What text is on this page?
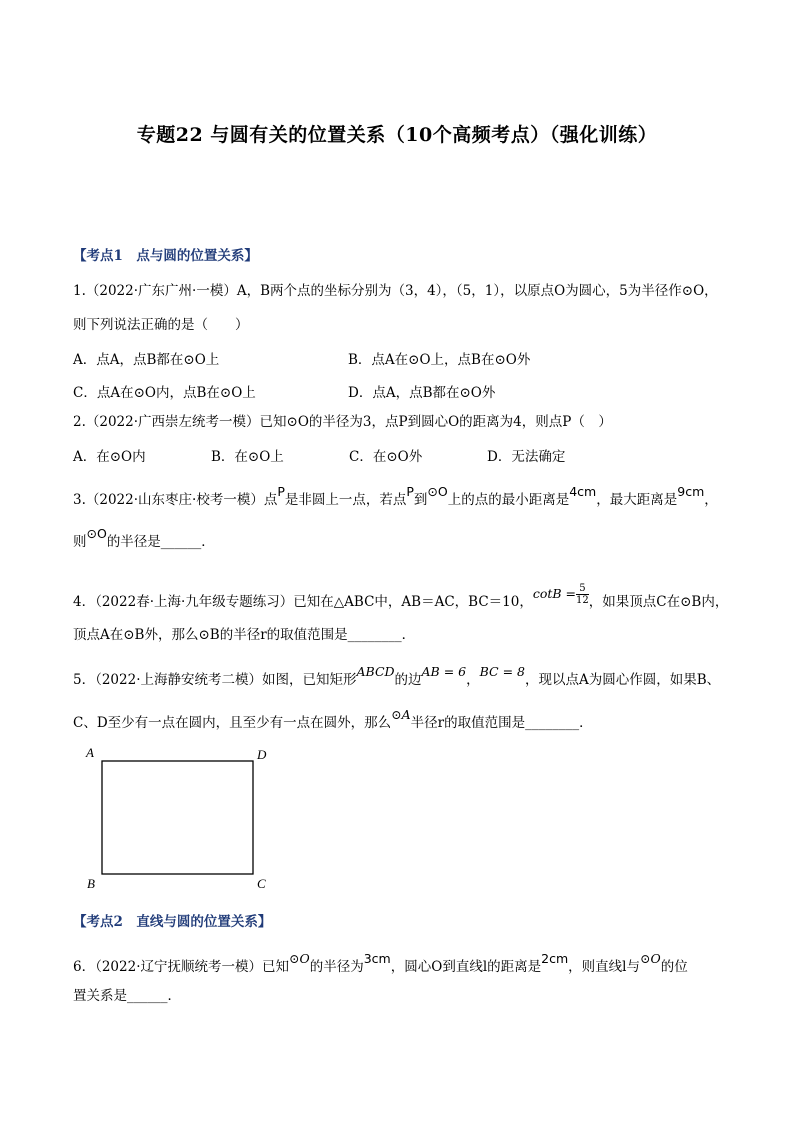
专题22 与圆有关的位置关系（10个高频考点）（强化训练）
【考点1　点与圆的位置关系】
1.（2022·广东广州·一模）A，B两个点的坐标分别为（3，4），（5，1），以原点O为圆心，5为半径作⊙O，
则下列说法正确的是（　　）
A．点A，点B都在⊙O上	B．点A在⊙O上，点B在⊙O外
C．点A在⊙O内，点B在⊙O上	D．点A，点B都在⊙O外
2.（2022·广西崇左统考一模）已知⊙O的半径为3，点P到圆心O的距离为4，则点P（　）
A．在⊙O内	B．在⊙O上	C．在⊙O外	D．无法确定
3.（2022·山东枣庄·校考一模）点P是非圆上一点，若点P到⊙O上的点的最小距离是4cm，最大距离是9cm，
则⊙O的半径是______．
4．（2022春·上海·九年级专题练习）已知在△ABC中，AB＝AC，BC＝10，$\cot B = \frac{5}{12}$ ，如果顶点C在⊙B内，
顶点A在⊙B外，那么⊙B的半径r的取值范围是________．
5．（2022·上海静安统考二模）如图，已知矩形ABCD的边AB = 6，BC = 8，现以点A为圆心作圆，如果B、
C、D至少有一点在圆内，且至少有一点在圆外，那么⊙A半径r的取值范围是________．
A	D
B	C
【考点2　直线与圆的位置关系】
6．（2022·辽宁抚顺统考一模）已知⊙O的半径为3cm，圆心O到直线l的距离是2cm，则直线l与⊙O的位
置关系是______．
